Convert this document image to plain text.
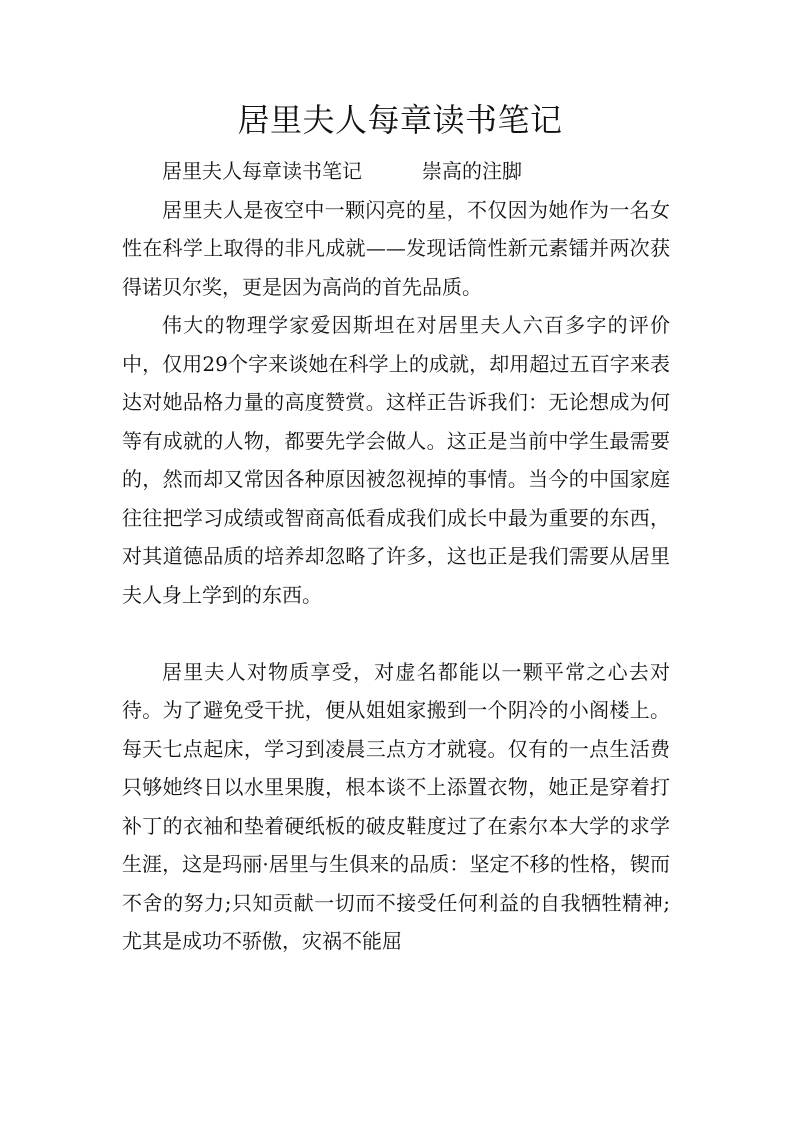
居里夫人每章读书笔记

居里夫人每章读书笔记　　　崇高的注脚

居里夫人是夜空中一颗闪亮的星，不仅因为她作为一名女性在科学上取得的非凡成就——发现话筒性新元素镭并两次获得诺贝尔奖，更是因为高尚的首先品质。

伟大的物理学家爱因斯坦在对居里夫人六百多字的评价中，仅用29个字来谈她在科学上的成就，却用超过五百字来表达对她品格力量的高度赞赏。这样正告诉我们：无论想成为何等有成就的人物，都要先学会做人。这正是当前中学生最需要的，然而却又常因各种原因被忽视掉的事情。当今的中国家庭往往把学习成绩或智商高低看成我们成长中最为重要的东西，对其道德品质的培养却忽略了许多，这也正是我们需要从居里夫人身上学到的东西。

居里夫人对物质享受，对虚名都能以一颗平常之心去对待。为了避免受干扰，便从姐姐家搬到一个阴冷的小阁楼上。每天七点起床，学习到凌晨三点方才就寝。仅有的一点生活费只够她终日以水里果腹，根本谈不上添置衣物，她正是穿着打补丁的衣袖和垫着硬纸板的破皮鞋度过了在索尔本大学的求学生涯，这是玛丽·居里与生俱来的品质：坚定不移的性格，锲而不舍的努力;只知贡献一切而不接受任何利益的自我牺牲精神;尤其是成功不骄傲，灾祸不能屈
